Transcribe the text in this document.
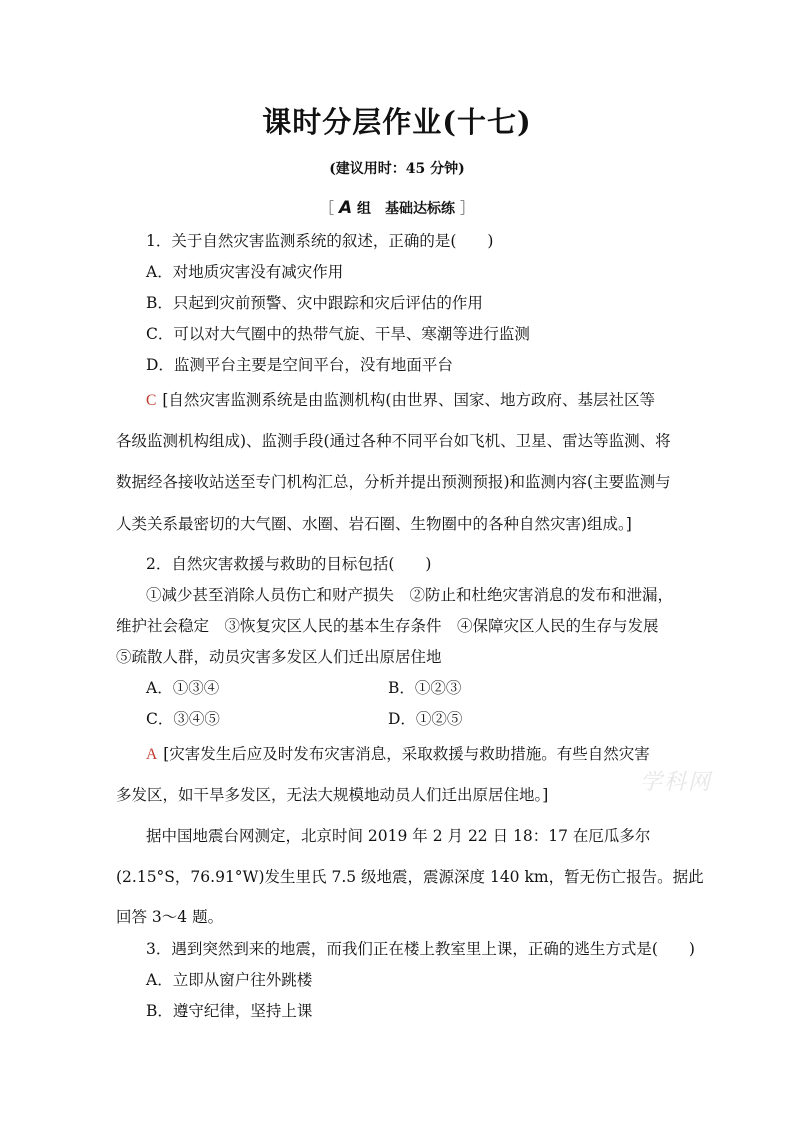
课时分层作业(十七)
(建议用时：45 分钟)
［ A 组　基础达标练 ］
1．关于自然灾害监测系统的叙述，正确的是(　　)
A．对地质灾害没有减灾作用
B．只起到灾前预警、灾中跟踪和灾后评估的作用
C．可以对大气圈中的热带气旋、干旱、寒潮等进行监测
D．监测平台主要是空间平台，没有地面平台
C [自然灾害监测系统是由监测机构(由世界、国家、地方政府、基层社区等
各级监测机构组成)、监测手段(通过各种不同平台如飞机、卫星、雷达等监测、将
数据经各接收站送至专门机构汇总，分析并提出预测预报)和监测内容(主要监测与
人类关系最密切的大气圈、水圈、岩石圈、生物圈中的各种自然灾害)组成。]
2．自然灾害救援与救助的目标包括(　　)
①减少甚至消除人员伤亡和财产损失　②防止和杜绝灾害消息的发布和泄漏，
维护社会稳定　③恢复灾区人民的基本生存条件　④保障灾区人民的生存与发展
⑤疏散人群，动员灾害多发区人们迁出原居住地
A．①③④	B．①②③
C．③④⑤	D．①②⑤
A [灾害发生后应及时发布灾害消息，采取救援与救助措施。有些自然灾害
多发区，如干旱多发区，无法大规模地动员人们迁出原居住地。]
据中国地震台网测定，北京时间 2019 年 2 月 22 日 18：17 在厄瓜多尔
(2.15°S，76.91°W)发生里氏 7.5 级地震，震源深度 140 km，暂无伤亡报告。据此
回答 3～4 题。
3．遇到突然到来的地震，而我们正在楼上教室里上课，正确的逃生方式是(　　)
A．立即从窗户往外跳楼
B．遵守纪律，坚持上课
学科网
